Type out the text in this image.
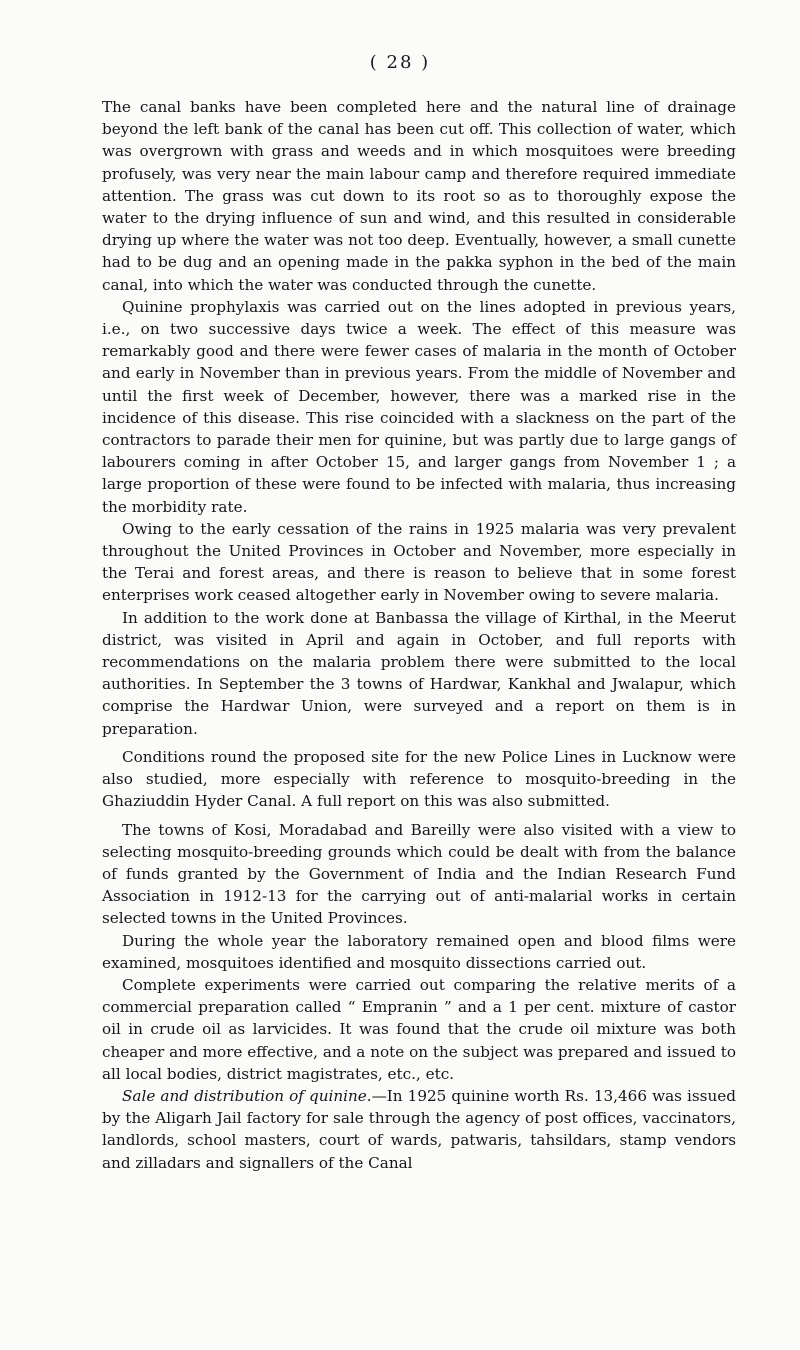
( 28 )

The canal banks have been completed here and the natural line of drainage beyond the left bank of the canal has been cut off. This collection of water, which was overgrown with grass and weeds and in which mosquitoes were breeding profusely, was very near the main labour camp and therefore required immediate attention. The grass was cut down to its root so as to thoroughly expose the water to the drying influence of sun and wind, and this resulted in considerable drying up where the water was not too deep. Eventually, however, a small cunette had to be dug and an opening made in the pakka syphon in the bed of the main canal, into which the water was conducted through the cunette.

Quinine prophylaxis was carried out on the lines adopted in previous years, i.e., on two successive days twice a week. The effect of this measure was remarkably good and there were fewer cases of malaria in the month of October and early in November than in previous years. From the middle of November and until the first week of December, however, there was a marked rise in the incidence of this disease. This rise coincided with a slackness on the part of the contractors to parade their men for quinine, but was partly due to large gangs of labourers coming in after October 15, and larger gangs from November 1 ; a large proportion of these were found to be infected with malaria, thus increasing the morbidity rate.

Owing to the early cessation of the rains in 1925 malaria was very prevalent throughout the United Provinces in October and November, more especially in the Terai and forest areas, and there is reason to believe that in some forest enterprises work ceased altogether early in November owing to severe malaria.

In addition to the work done at Banbassa the village of Kirthal, in the Meerut district, was visited in April and again in October, and full reports with recommendations on the malaria problem there were submitted to the local authorities. In September the 3 towns of Hardwar, Kankhal and Jwalapur, which comprise the Hardwar Union, were surveyed and a report on them is in preparation.

Conditions round the proposed site for the new Police Lines in Lucknow were also studied, more especially with reference to mosquito-breeding in the Ghaziuddin Hyder Canal. A full report on this was also submitted.

The towns of Kosi, Moradabad and Bareilly were also visited with a view to selecting mosquito-breeding grounds which could be dealt with from the balance of funds granted by the Government of India and the Indian Research Fund Association in 1912-13 for the carrying out of anti-malarial works in certain selected towns in the United Provinces.

During the whole year the laboratory remained open and blood films were examined, mosquitoes identified and mosquito dissections carried out.

Complete experiments were carried out comparing the relative merits of a commercial preparation called “ Empranin ” and a 1 per cent. mixture of castor oil in crude oil as larvicides. It was found that the crude oil mixture was both cheaper and more effective, and a note on the subject was prepared and issued to all local bodies, district magistrates, etc., etc.

Sale and distribution of quinine.—In 1925 quinine worth Rs. 13,466 was issued by the Aligarh Jail factory for sale through the agency of post offices, vaccinators, landlords, school masters, court of wards, patwaris, tahsildars, stamp vendors and zilladars and signallers of the Canal
